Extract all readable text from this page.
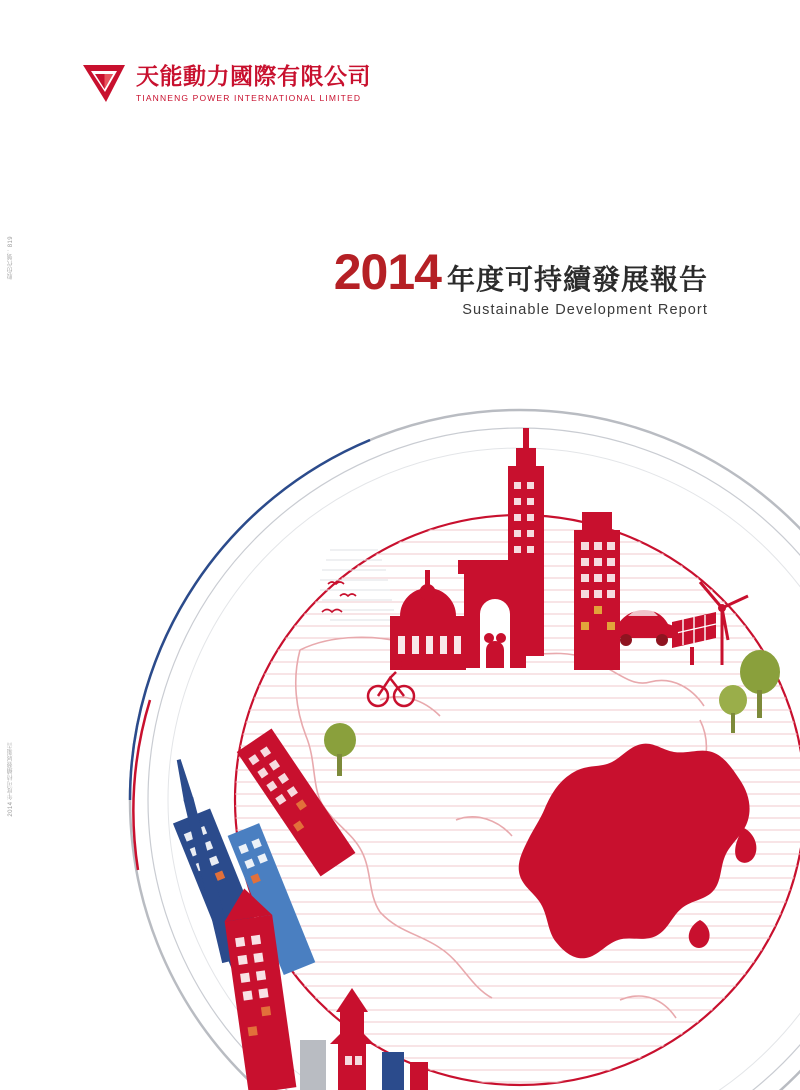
天能動力國際有限公司
TIANNENG POWER INTERNATIONAL LIMITED
2014 年度可持續發展報告
Sustainable Development Report
股份代號：819
2014 年度可持續發展報告
